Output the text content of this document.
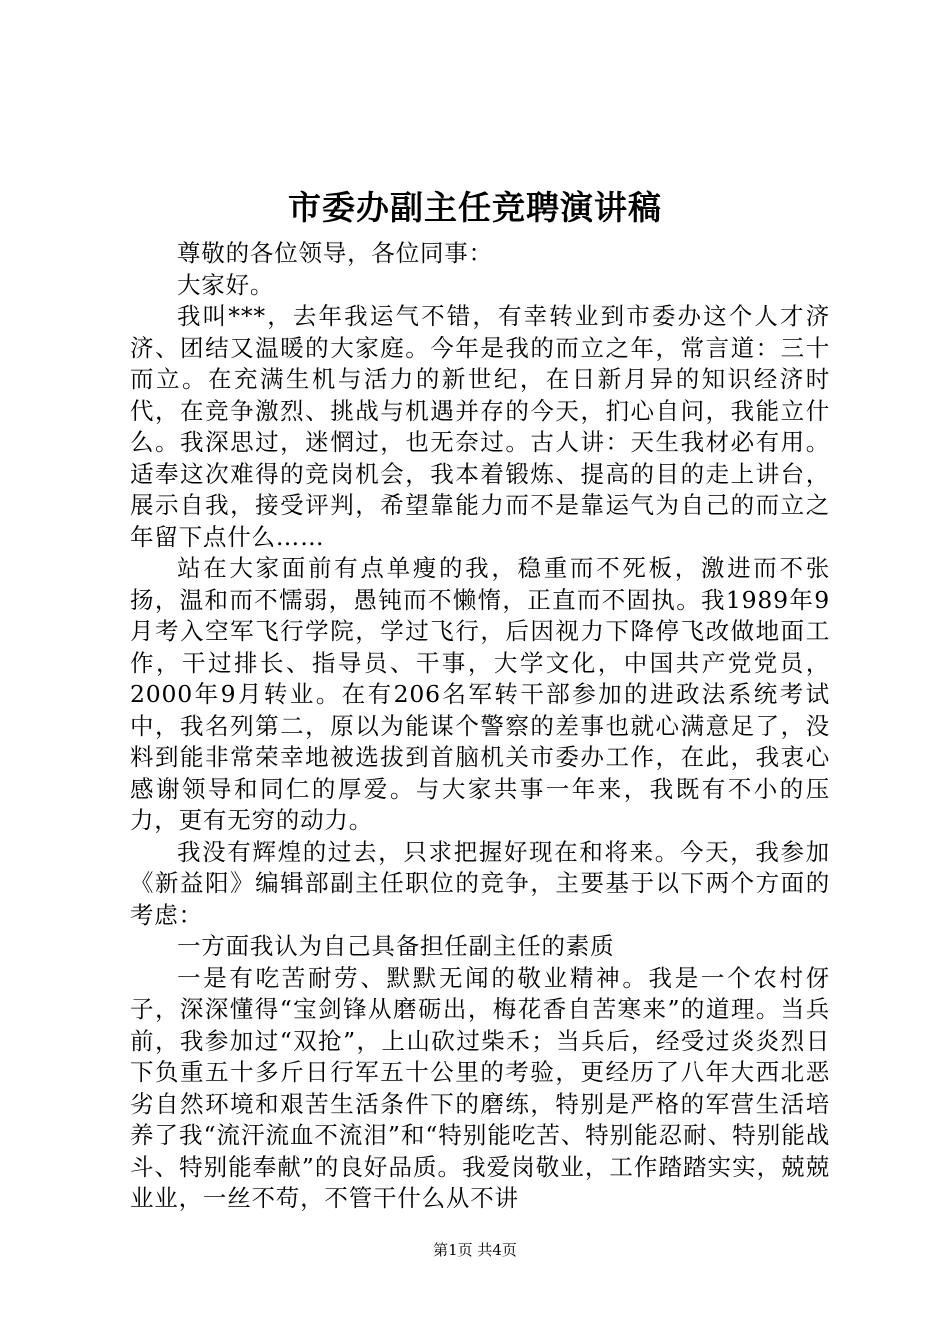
市委办副主任竞聘演讲稿

尊敬的各位领导，各位同事：

大家好。

我叫***，去年我运气不错，有幸转业到市委办这个人才济济、团结又温暖的大家庭。今年是我的而立之年，常言道：三十而立。在充满生机与活力的新世纪，在日新月异的知识经济时代，在竞争激烈、挑战与机遇并存的今天，扪心自问，我能立什么。我深思过，迷惘过，也无奈过。古人讲：天生我材必有用。适奉这次难得的竞岗机会，我本着锻炼、提高的目的走上讲台，展示自我，接受评判，希望靠能力而不是靠运气为自己的而立之年留下点什么……

站在大家面前有点单瘦的我，稳重而不死板，激进而不张扬，温和而不懦弱，愚钝而不懒惰，正直而不固执。我1989年9月考入空军飞行学院，学过飞行，后因视力下降停飞改做地面工作，干过排长、指导员、干事，大学文化，中国共产党党员，2000年9月转业。在有206名军转干部参加的进政法系统考试中，我名列第二，原以为能谋个警察的差事也就心满意足了，没料到能非常荣幸地被选拔到首脑机关市委办工作，在此，我衷心感谢领导和同仁的厚爱。与大家共事一年来，我既有不小的压力，更有无穷的动力。

我没有辉煌的过去，只求把握好现在和将来。今天，我参加《新益阳》编辑部副主任职位的竞争，主要基于以下两个方面的考虑：

一方面我认为自己具备担任副主任的素质

一是有吃苦耐劳、默默无闻的敬业精神。我是一个农村伢子，深深懂得“宝剑锋从磨砺出，梅花香自苦寒来”的道理。当兵前，我参加过“双抢”，上山砍过柴禾；当兵后，经受过炎炎烈日下负重五十多斤日行军五十公里的考验，更经历了八年大西北恶劣自然环境和艰苦生活条件下的磨练，特别是严格的军营生活培养了我“流汗流血不流泪”和“特别能吃苦、特别能忍耐、特别能战斗、特别能奉献”的良好品质。我爱岗敬业，工作踏踏实实，兢兢业业，一丝不苟，不管干什么从不讲

第1页 共4页
